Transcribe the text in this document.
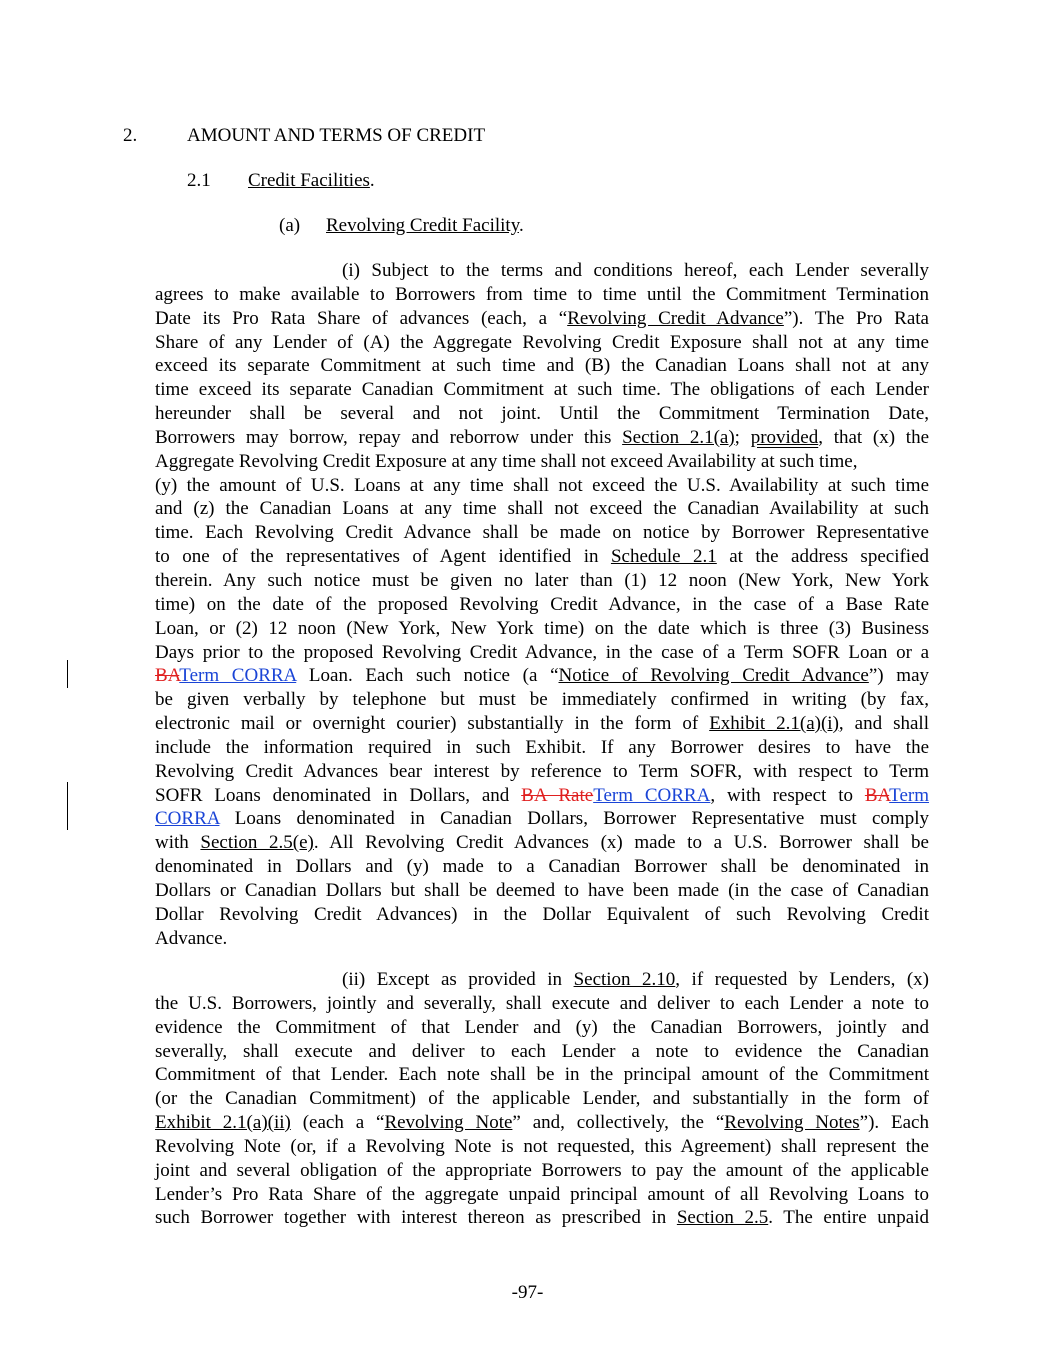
2.	AMOUNT AND TERMS OF CREDIT
2.1 Credit Facilities.
(a) Revolving Credit Facility.
(i) Subject to the terms and conditions hereof, each Lender severally
agrees to make available to Borrowers from time to time until the Commitment Termination
Date its Pro Rata Share of advances (each, a “Revolving Credit Advance”). The Pro Rata
Share of any Lender of (A) the Aggregate Revolving Credit Exposure shall not at any time
exceed its separate Commitment at such time and (B) the Canadian Loans shall not at any
time exceed its separate Canadian Commitment at such time. The obligations of each Lender
hereunder shall be several and not joint. Until the Commitment Termination Date,
Borrowers may borrow, repay and reborrow under this Section 2.1(a); provided, that (x) the
Aggregate Revolving Credit Exposure at any time shall not exceed Availability at such time,
(y) the amount of U.S. Loans at any time shall not exceed the U.S. Availability at such time
and (z) the Canadian Loans at any time shall not exceed the Canadian Availability at such
time. Each Revolving Credit Advance shall be made on notice by Borrower Representative
to one of the representatives of Agent identified in Schedule 2.1 at the address specified
therein. Any such notice must be given no later than (1) 12 noon (New York, New York
time) on the date of the proposed Revolving Credit Advance, in the case of a Base Rate
Loan, or (2) 12 noon (New York, New York time) on the date which is three (3) Business
Days prior to the proposed Revolving Credit Advance, in the case of a Term SOFR Loan or a
BATerm CORRA Loan. Each such notice (a “Notice of Revolving Credit Advance”) may
be given verbally by telephone but must be immediately confirmed in writing (by fax,
electronic mail or overnight courier) substantially in the form of Exhibit 2.1(a)(i), and shall
include the information required in such Exhibit. If any Borrower desires to have the
Revolving Credit Advances bear interest by reference to Term SOFR, with respect to Term
SOFR Loans denominated in Dollars, and BA RateTerm CORRA, with respect to BATerm
CORRA Loans denominated in Canadian Dollars, Borrower Representative must comply
with Section 2.5(e). All Revolving Credit Advances (x) made to a U.S. Borrower shall be
denominated in Dollars and (y) made to a Canadian Borrower shall be denominated in
Dollars or Canadian Dollars but shall be deemed to have been made (in the case of Canadian
Dollar Revolving Credit Advances) in the Dollar Equivalent of such Revolving Credit
Advance.
(ii) Except as provided in Section 2.10, if requested by Lenders, (x)
the U.S. Borrowers, jointly and severally, shall execute and deliver to each Lender a note to
evidence the Commitment of that Lender and (y) the Canadian Borrowers, jointly and
severally, shall execute and deliver to each Lender a note to evidence the Canadian
Commitment of that Lender. Each note shall be in the principal amount of the Commitment
(or the Canadian Commitment) of the applicable Lender, and substantially in the form of
Exhibit 2.1(a)(ii) (each a “Revolving Note” and, collectively, the “Revolving Notes”). Each
Revolving Note (or, if a Revolving Note is not requested, this Agreement) shall represent the
joint and several obligation of the appropriate Borrowers to pay the amount of the applicable
Lender’s Pro Rata Share of the aggregate unpaid principal amount of all Revolving Loans to
such Borrower together with interest thereon as prescribed in Section 2.5. The entire unpaid
-97-
